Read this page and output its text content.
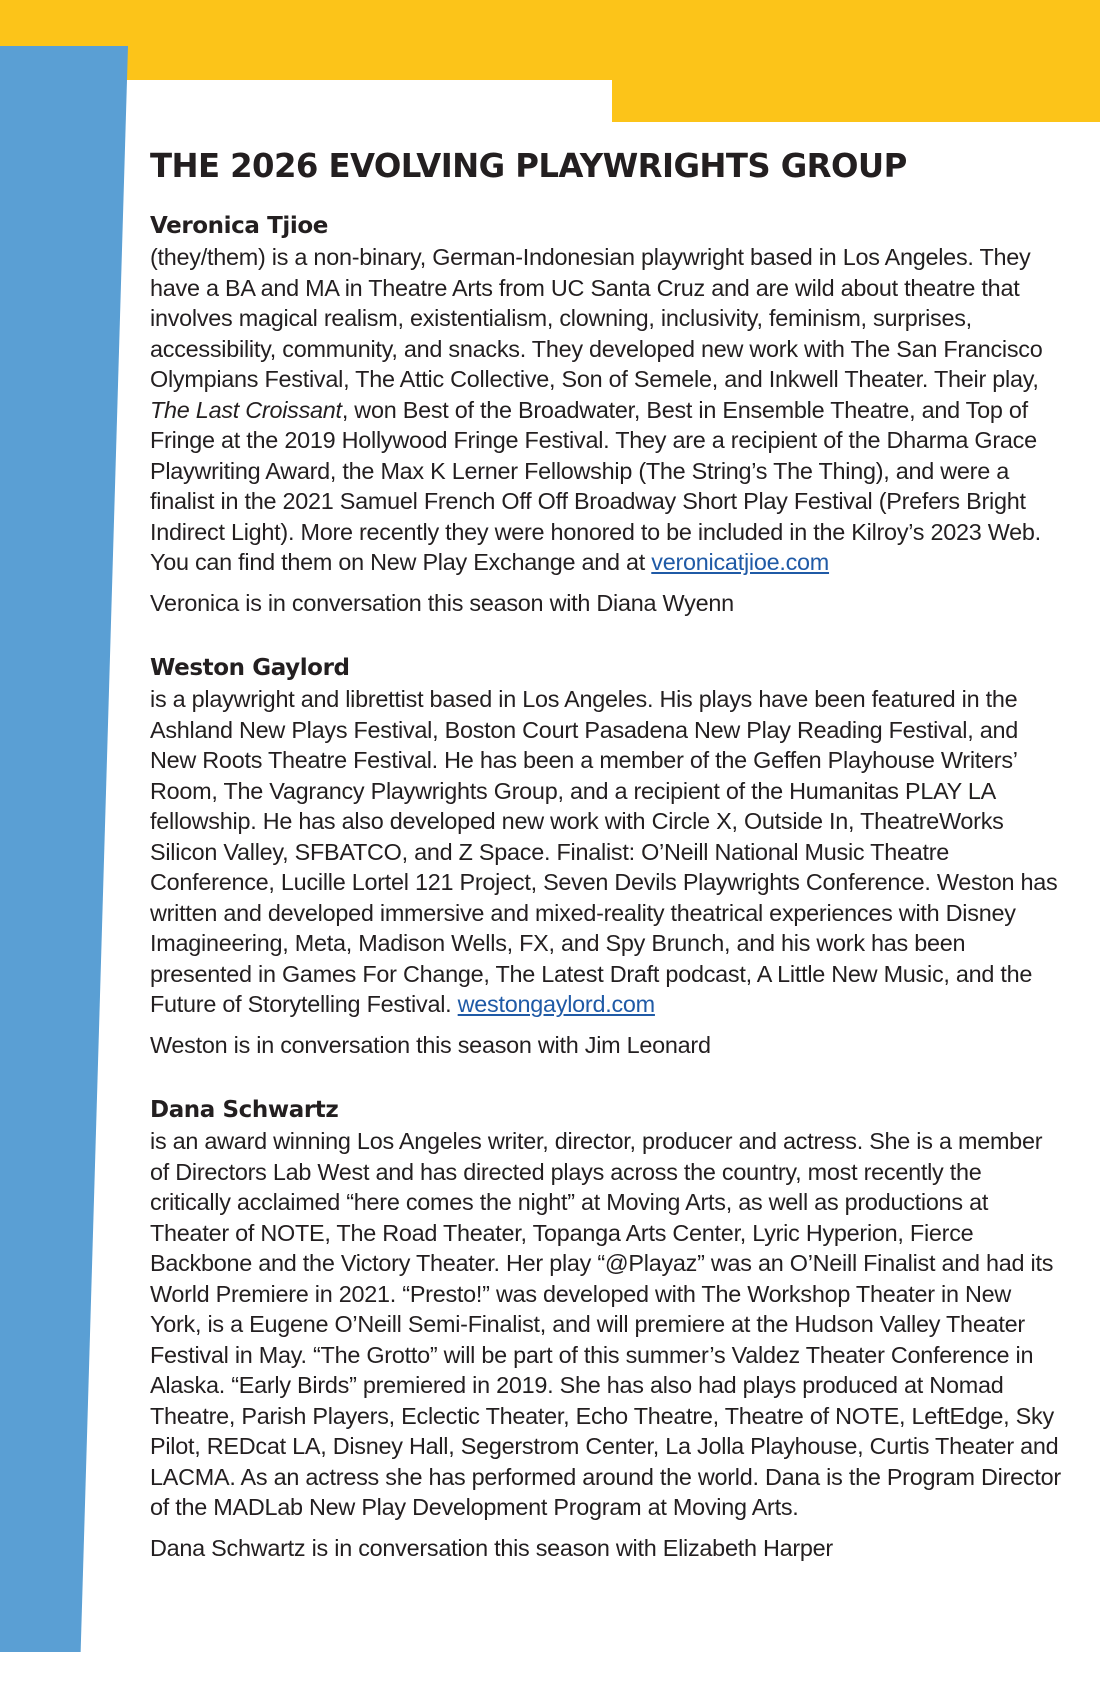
THE 2026 EVOLVING PLAYWRIGHTS GROUP
Veronica Tjioe

(they/them) is a non-binary, German-Indonesian playwright based in Los Angeles. They have a BA and MA in Theatre Arts from UC Santa Cruz and are wild about theatre that involves magical realism, existentialism, clowning, inclusivity, feminism, surprises, accessibility, community, and snacks. They developed new work with The San Francisco Olympians Festival, The Attic Collective, Son of Semele, and Inkwell Theater. Their play, The Last Croissant, won Best of the Broadwater, Best in Ensemble Theatre, and Top of Fringe at the 2019 Hollywood Fringe Festival. They are a recipient of the Dharma Grace Playwriting Award, the Max K Lerner Fellowship (The String’s The Thing), and were a finalist in the 2021 Samuel French Off Off Broadway Short Play Festival (Prefers Bright Indirect Light). More recently they were honored to be included in the Kilroy’s 2023 Web. You can find them on New Play Exchange and at veronicatjioe.com

Veronica is in conversation this season with Diana Wyenn

Weston Gaylord

is a playwright and librettist based in Los Angeles. His plays have been featured in the Ashland New Plays Festival, Boston Court Pasadena New Play Reading Festival, and New Roots Theatre Festival. He has been a member of the Geffen Playhouse Writers’ Room, The Vagrancy Playwrights Group, and a recipient of the Humanitas PLAY LA fellowship. He has also developed new work with Circle X, Outside In, TheatreWorks Silicon Valley, SFBATCO, and Z Space. Finalist: O’Neill National Music Theatre Conference, Lucille Lortel 121 Project, Seven Devils Playwrights Conference. Weston has written and developed immersive and mixed-reality theatrical experiences with Disney Imagineering, Meta, Madison Wells, FX, and Spy Brunch, and his work has been presented in Games For Change, The Latest Draft podcast, A Little New Music, and the Future of Storytelling Festival. westongaylord.com

Weston is in conversation this season with Jim Leonard

Dana Schwartz

is an award winning Los Angeles writer, director, producer and actress. She is a member of Directors Lab West and has directed plays across the country, most recently the critically acclaimed “here comes the night” at Moving Arts, as well as productions at Theater of NOTE, The Road Theater, Topanga Arts Center, Lyric Hyperion, Fierce Backbone and the Victory Theater. Her play “@Playaz” was an O’Neill Finalist and had its World Premiere in 2021. “Presto!” was developed with The Workshop Theater in New York, is a Eugene O’Neill Semi-Finalist, and will premiere at the Hudson Valley Theater Festival in May. “The Grotto” will be part of this summer’s Valdez Theater Conference in Alaska. “Early Birds” premiered in 2019. She has also had plays produced at Nomad Theatre, Parish Players, Eclectic Theater, Echo Theatre, Theatre of NOTE, LeftEdge, Sky Pilot, REDcat LA, Disney Hall, Segerstrom Center, La Jolla Playhouse, Curtis Theater and LACMA. As an actress she has performed around the world. Dana is the Program Director of the MADLab New Play Development Program at Moving Arts.

Dana Schwartz is in conversation this season with Elizabeth Harper
